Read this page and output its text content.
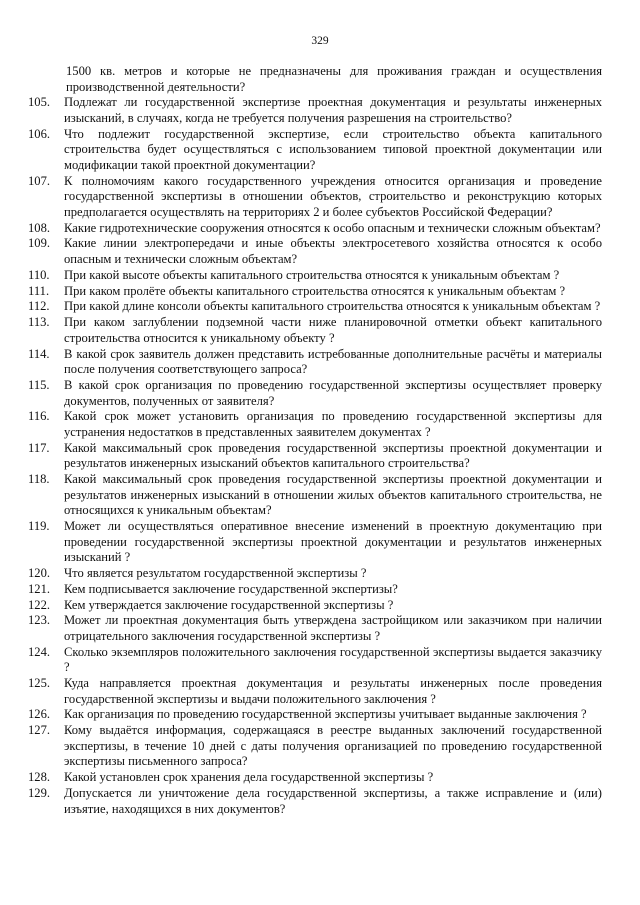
329
1500 кв. метров и которые не предназначены для проживания граждан и осуществления производственной деятельности?
105.	Подлежат ли государственной экспертизе проектная документация и результаты инженерных изысканий, в случаях, когда не требуется получения разрешения на строительство?
106.	Что подлежит государственной экспертизе, если строительство объекта капитального строительства будет осуществляться с использованием типовой проектной документации или модификации такой проектной документации?
107.	К полномочиям какого государственного учреждения относится организация и проведение государственной экспертизы в отношении объектов, строительство и реконструкцию которых предполагается осуществлять на территориях 2 и более субъектов Российской Федерации?
108.	Какие гидротехнические сооружения относятся к особо опасным и технически сложным объектам?
109.	Какие линии электропередачи и иные объекты электросетевого хозяйства относятся к особо опасным и технически сложным объектам?
110.	При какой высоте объекты капитального строительства относятся к уникальным объектам ?
111.	При каком пролёте объекты капитального строительства относятся к уникальным объектам ?
112.	При какой длине консоли объекты капитального строительства относятся к уникальным объектам ?
113.	При каком заглублении подземной части ниже планировочной отметки объект капитального строительства относится к уникальному объекту ?
114.	В какой срок заявитель должен представить истребованные дополнительные расчёты и материалы после получения соответствующего запроса?
115.	В какой срок организация по проведению государственной экспертизы осуществляет проверку документов, полученных от заявителя?
116.	Какой срок может установить организация по проведению государственной экспертизы для устранения недостатков в представленных заявителем документах ?
117.	Какой максимальный срок проведения государственной экспертизы проектной документации и результатов инженерных изысканий объектов капитального строительства?
118.	Какой максимальный срок проведения государственной экспертизы проектной документации и результатов инженерных изысканий в отношении жилых объектов капитального строительства, не относящихся к уникальным объектам?
119.	Может ли осуществляться оперативное внесение изменений в проектную документацию при проведении государственной экспертизы проектной документации и результатов инженерных изысканий ?
120.	Что является результатом государственной экспертизы ?
121.	Кем подписывается заключение государственной экспертизы?
122.	Кем утверждается заключение государственной экспертизы ?
123.	Может ли проектная документация быть утверждена застройщиком или заказчиком при наличии отрицательного заключения государственной экспертизы ?
124.	Сколько экземпляров положительного заключения государственной экспертизы выдается заказчику ?
125.	Куда направляется проектная документация и результаты инженерных после проведения государственной экспертизы и выдачи положительного заключения ?
126.	Как организация по проведению государственной экспертизы учитывает выданные заключения ?
127.	Кому выдаётся информация, содержащаяся в реестре выданных заключений государственной экспертизы, в течение 10 дней с даты получения организацией по проведению государственной экспертизы письменного запроса?
128.	Какой установлен срок хранения дела государственной экспертизы ?
129.	Допускается ли уничтожение дела государственной экспертизы, а также исправление и (или) изъятие, находящихся в них документов?
